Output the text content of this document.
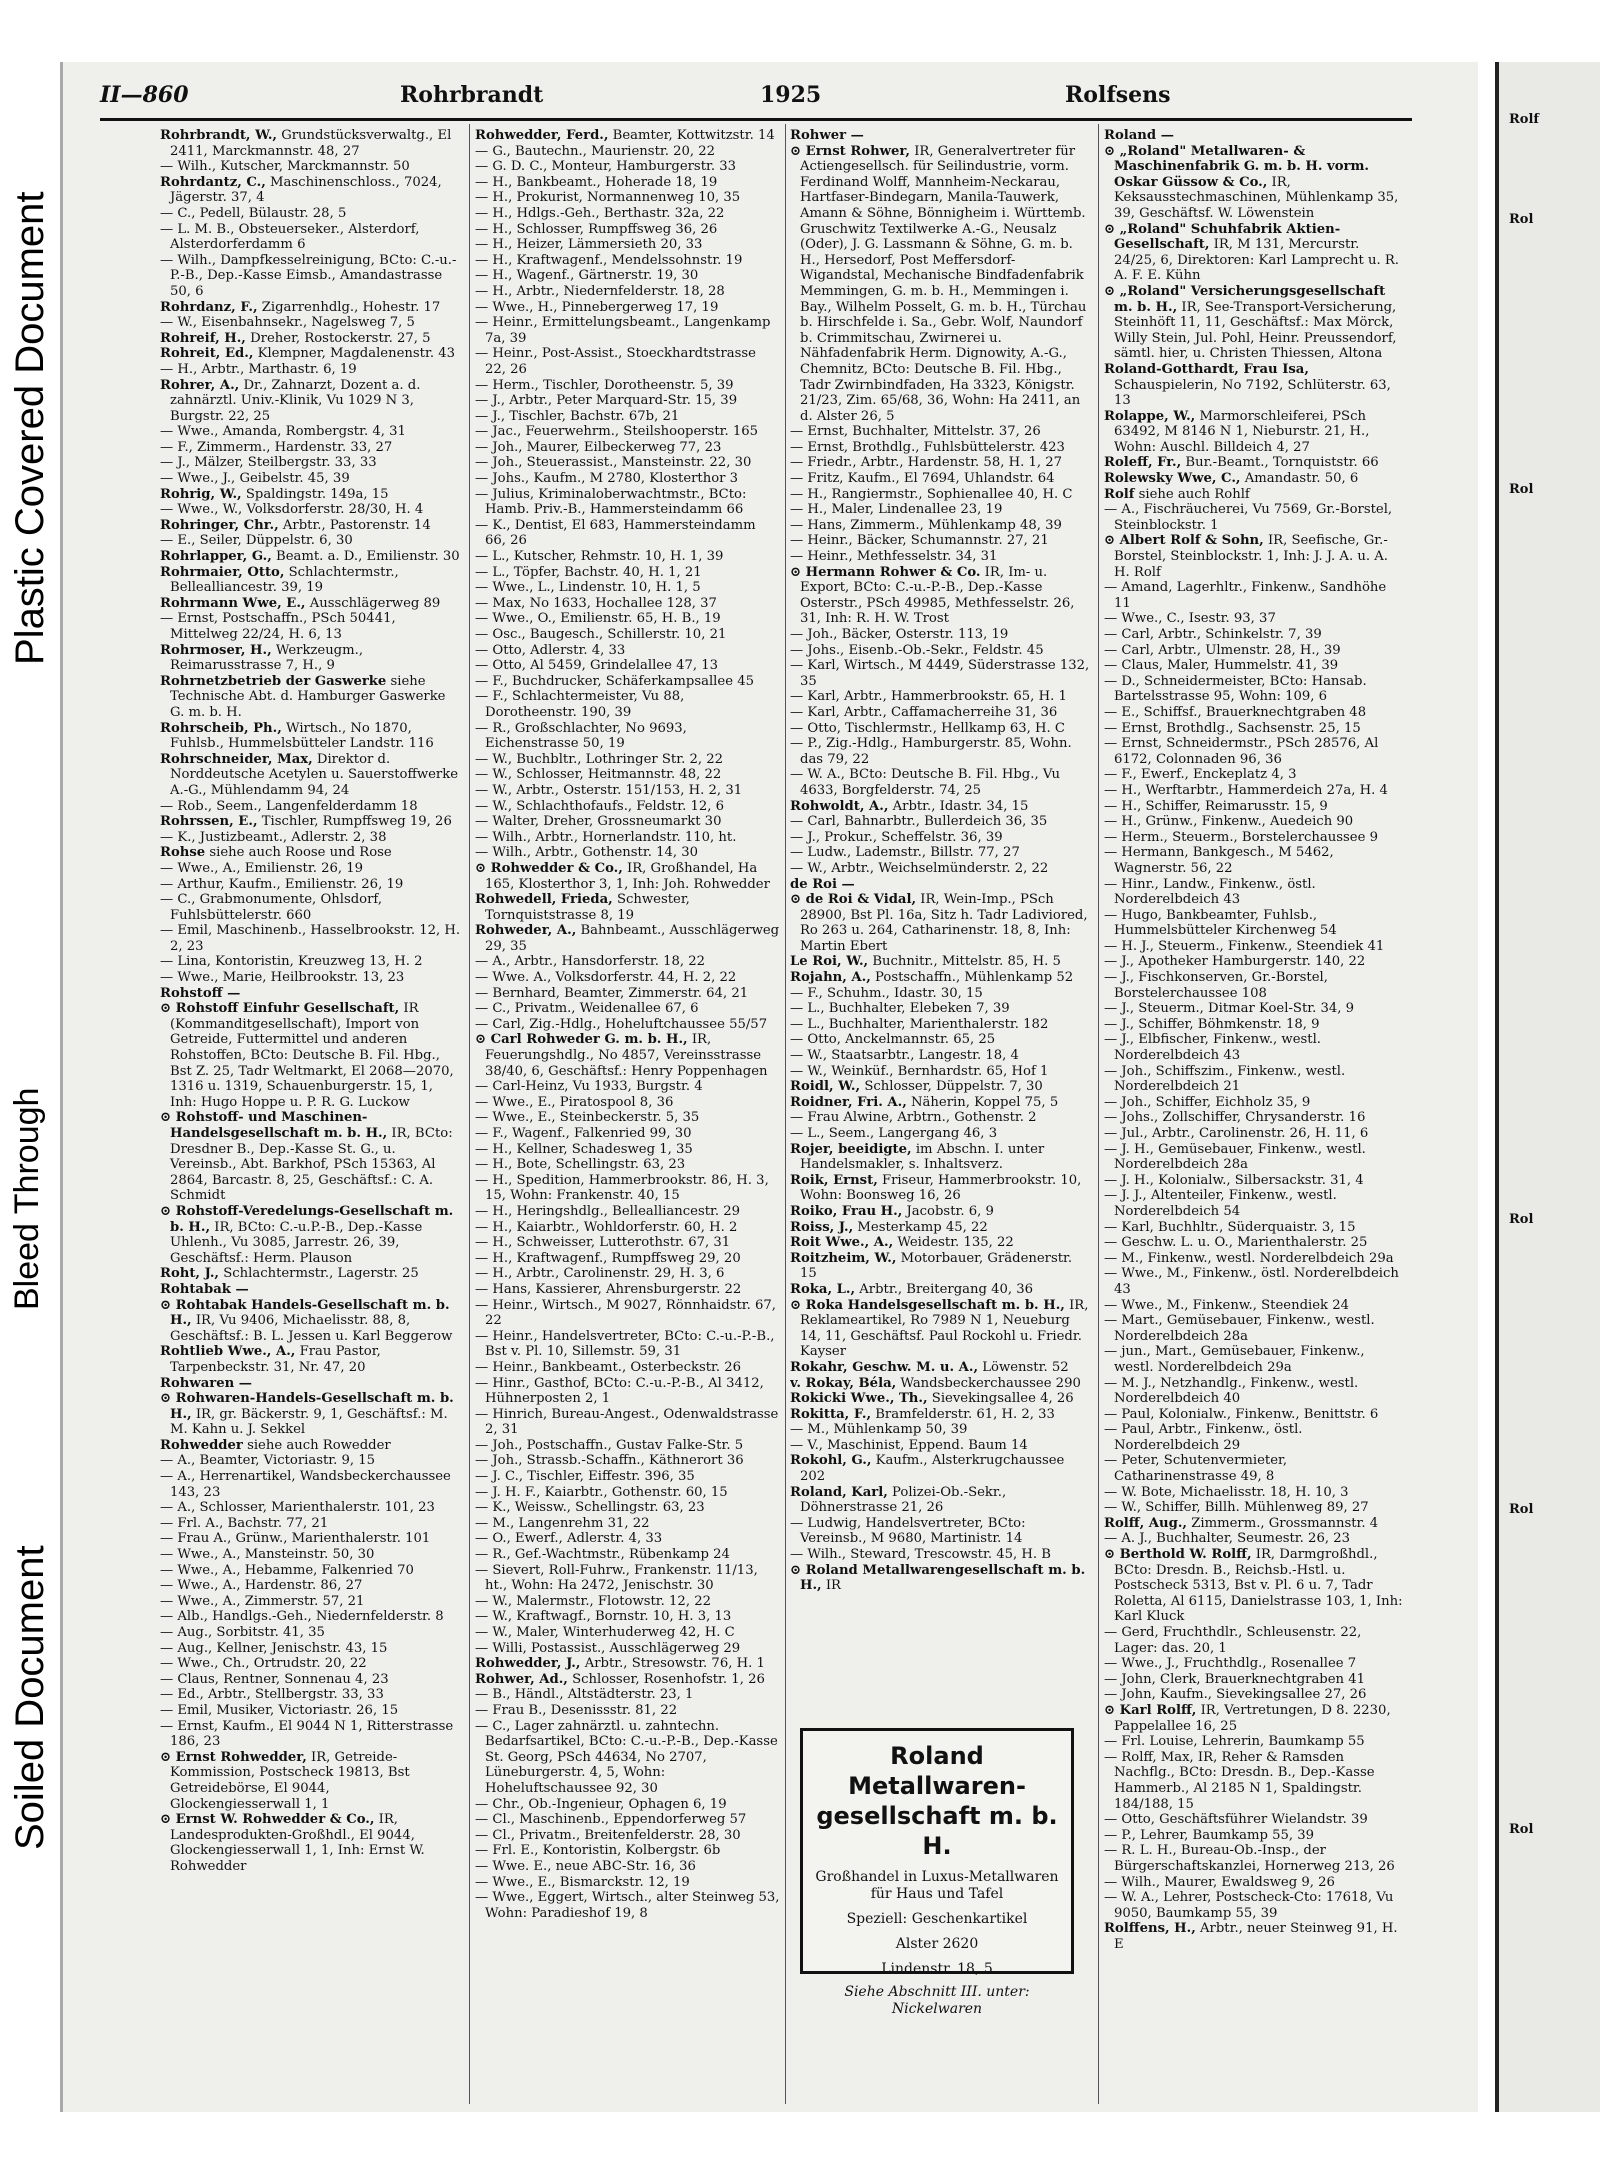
Plastic Covered Document
Bleed Through
Soiled Document
Rolf
Rol
Rol
Rol
Rol
Rol
II—860	Rohrbrandt	1925	Rolfsens

Rohrbrandt, W., Grundstücksverwaltg., El 2411, Marckmannstr. 48, 27

— Wilh., Kutscher, Marckmannstr. 50

Rohrdantz, C., Maschinenschloss., 7024, Jägerstr. 37, 4

— C., Pedell, Bülaustr. 28, 5

— L. M. B., Obsteuerseker., Alsterdorf, Alsterdorferdamm 6

— Wilh., Dampfkesselreinigung, BCto: C.-u.-P.-B., Dep.-Kasse Eimsb., Amandastrasse 50, 6

Rohrdanz, F., Zigarrenhdlg., Hohestr. 17

— W., Eisenbahnsekr., Nagelsweg 7, 5

Rohreif, H., Dreher, Rostockerstr. 27, 5

Rohreit, Ed., Klempner, Magdalenenstr. 43

— H., Arbtr., Marthastr. 6, 19

Rohrer, A., Dr., Zahnarzt, Dozent a. d. zahnärztl. Univ.-Klinik, Vu 1029 N 3, Burgstr. 22, 25

— Wwe., Amanda, Rombergstr. 4, 31

— F., Zimmerm., Hardenstr. 33, 27

— J., Mälzer, Steilbergstr. 33, 33

— Wwe., J., Geibelstr. 45, 39

Rohrig, W., Spaldingstr. 149a, 15

— Wwe., W., Volksdorferstr. 28/30, H. 4

Rohringer, Chr., Arbtr., Pastorenstr. 14

— E., Seiler, Düppelstr. 6, 30

Rohrlapper, G., Beamt. a. D., Emilienstr. 30

Rohrmaier, Otto, Schlachtermstr., Bellealliancestr. 39, 19

Rohrmann Wwe, E., Ausschlägerweg 89

— Ernst, Postschaffn., PSch 50441, Mittelweg 22/24, H. 6, 13

Rohrmoser, H., Werkzeugm., Reimarusstrasse 7, H., 9

Rohrnetzbetrieb der Gaswerke siehe Technische Abt. d. Hamburger Gaswerke G. m. b. H.

Rohrscheib, Ph., Wirtsch., No 1870, Fuhlsb., Hummelsbütteler Landstr. 116

Rohrschneider, Max, Direktor d. Norddeutsche Acetylen u. Sauerstoffwerke A.-G., Mühlendamm 94, 24

— Rob., Seem., Langenfelderdamm 18

Rohrssen, E., Tischler, Rumpffsweg 19, 26

— K., Justizbeamt., Adlerstr. 2, 38

Rohse siehe auch Roose und Rose

— Wwe., A., Emilienstr. 26, 19

— Arthur, Kaufm., Emilienstr. 26, 19

— C., Grabmonumente, Ohlsdorf, Fuhlsbüttelerstr. 660

— Emil, Maschinenb., Hasselbrookstr. 12, H. 2, 23

— Lina, Kontoristin, Kreuzweg 13, H. 2

— Wwe., Marie, Heilbrookstr. 13, 23

Rohstoff —

⊙ Rohstoff Einfuhr Gesellschaft, IR (Kommanditgesellschaft), Import von Getreide, Futtermittel und anderen Rohstoffen, BCto: Deutsche B. Fil. Hbg., Bst Z. 25, Tadr Weltmarkt, El 2068—2070, 1316 u. 1319, Schauenburgerstr. 15, 1, Inh: Hugo Hoppe u. P. R. G. Luckow

⊙ Rohstoff- und Maschinen-Handelsgesellschaft m. b. H., IR, BCto: Dresdner B., Dep.-Kasse St. G., u. Vereinsb., Abt. Barkhof, PSch 15363, Al 2864, Barcastr. 8, 25, Geschäftsf.: C. A. Schmidt

⊙ Rohstoff-Veredelungs-Gesellschaft m. b. H., IR, BCto: C.-u.P.-B., Dep.-Kasse Uhlenh., Vu 3085, Jarrestr. 26, 39, Geschäftsf.: Herm. Plauson

Roht, J., Schlachtermstr., Lagerstr. 25

Rohtabak —

⊙ Rohtabak Handels-Gesellschaft m. b. H., IR, Vu 9406, Michaelisstr. 88, 8, Geschäftsf.: B. L. Jessen u. Karl Beggerow

Rohtlieb Wwe., A., Frau Pastor, Tarpenbeckstr. 31, Nr. 47, 20

Rohwaren —

⊙ Rohwaren-Handels-Gesellschaft m. b. H., IR, gr. Bäckerstr. 9, 1, Geschäftsf.: M. M. Kahn u. J. Sekkel

Rohwedder siehe auch Rowedder

— A., Beamter, Victoriastr. 9, 15

— A., Herrenartikel, Wandsbeckerchaussee 143, 23

— A., Schlosser, Marienthalerstr. 101, 23

— Frl. A., Bachstr. 77, 21

— Frau A., Grünw., Marienthalerstr. 101

— Wwe., A., Mansteinstr. 50, 30

— Wwe., A., Hebamme, Falkenried 70

— Wwe., A., Hardenstr. 86, 27

— Wwe., A., Zimmerstr. 57, 21

— Alb., Handlgs.-Geh., Niedernfelderstr. 8

— Aug., Sorbitstr. 41, 35

— Aug., Kellner, Jenischstr. 43, 15

— Wwe., Ch., Ortrudstr. 20, 22

— Claus, Rentner, Sonnenau 4, 23

— Ed., Arbtr., Stellbergstr. 33, 33

— Emil, Musiker, Victoriastr. 26, 15

— Ernst, Kaufm., El 9044 N 1, Ritterstrasse 186, 23

⊙ Ernst Rohwedder, IR, Getreide-Kommission, Postscheck 19813, Bst Getreidebörse, El 9044, Glockengiesserwall 1, 1

⊙ Ernst W. Rohwedder & Co., IR, Landesprodukten-Großhdl., El 9044, Glockengiesserwall 1, 1, Inh: Ernst W. Rohwedder

Rohwedder, Ferd., Beamter, Kottwitzstr. 14

— G., Bautechn., Maurienstr. 20, 22

— G. D. C., Monteur, Hamburgerstr. 33

— H., Bankbeamt., Hoherade 18, 19

— H., Prokurist, Normannenweg 10, 35

— H., Hdlgs.-Geh., Berthastr. 32a, 22

— H., Schlosser, Rumpffsweg 36, 26

— H., Heizer, Lämmersieth 20, 33

— H., Kraftwagenf., Mendelssohnstr. 19

— H., Wagenf., Gärtnerstr. 19, 30

— H., Arbtr., Niedernfelderstr. 18, 28

— Wwe., H., Pinnebergerweg 17, 19

— Heinr., Ermittelungsbeamt., Langenkamp 7a, 39

— Heinr., Post-Assist., Stoeckhardtstrasse 22, 26

— Herm., Tischler, Dorotheenstr. 5, 39

— J., Arbtr., Peter Marquard-Str. 15, 39

— J., Tischler, Bachstr. 67b, 21

— Jac., Feuerwehrm., Steilshooperstr. 165

— Joh., Maurer, Eilbeckerweg 77, 23

— Joh., Steuerassist., Mansteinstr. 22, 30

— Johs., Kaufm., M 2780, Klosterthor 3

— Julius, Kriminaloberwachtmstr., BCto: Hamb. Priv.-B., Hammersteindamm 66

— K., Dentist, El 683, Hammersteindamm 66, 26

— L., Kutscher, Rehmstr. 10, H. 1, 39

— L., Töpfer, Bachstr. 40, H. 1, 21

— Wwe., L., Lindenstr. 10, H. 1, 5

— Max, No 1633, Hochallee 128, 37

— Wwe., O., Emilienstr. 65, H. B., 19

— Osc., Baugesch., Schillerstr. 10, 21

— Otto, Adlerstr. 4, 33

— Otto, Al 5459, Grindelallee 47, 13

— F., Buchdrucker, Schäferkampsallee 45

— F., Schlachtermeister, Vu 88, Dorotheenstr. 190, 39

— R., Großschlachter, No 9693, Eichenstrasse 50, 19

— W., Buchbltr., Lothringer Str. 2, 22

— W., Schlosser, Heitmannstr. 48, 22

— W., Arbtr., Osterstr. 151/153, H. 2, 31

— W., Schlachthofaufs., Feldstr. 12, 6

— Walter, Dreher, Grossneumarkt 30

— Wilh., Arbtr., Hornerlandstr. 110, ht.

— Wilh., Arbtr., Gothenstr. 14, 30

⊙ Rohwedder & Co., IR, Großhandel, Ha 165, Klosterthor 3, 1, Inh: Joh. Rohwedder

Rohwedell, Frieda, Schwester, Tornquiststrasse 8, 19

Rohweder, A., Bahnbeamt., Ausschlägerweg 29, 35

— A., Arbtr., Hansdorferstr. 18, 22

— Wwe. A., Volksdorferstr. 44, H. 2, 22

— Bernhard, Beamter, Zimmerstr. 64, 21

— C., Privatm., Weidenallee 67, 6

— Carl, Zig.-Hdlg., Hoheluftchaussee 55/57

⊙ Carl Rohweder G. m. b. H., IR, Feuerungshdlg., No 4857, Vereinsstrasse 38/40, 6, Geschäftsf.: Henry Poppenhagen

— Carl-Heinz, Vu 1933, Burgstr. 4

— Wwe., E., Piratospool 8, 36

— Wwe., E., Steinbeckerstr. 5, 35

— F., Wagenf., Falkenried 99, 30

— H., Kellner, Schadesweg 1, 35

— H., Bote, Schellingstr. 63, 23

— H., Spedition, Hammerbrookstr. 86, H. 3, 15, Wohn: Frankenstr. 40, 15

— H., Heringshdlg., Bellealliancestr. 29

— H., Kaiarbtr., Wohldorferstr. 60, H. 2

— H., Schweisser, Lutterothstr. 67, 31

— H., Kraftwagenf., Rumpffsweg 29, 20

— H., Arbtr., Carolinenstr. 29, H. 3, 6

— Hans, Kassierer, Ahrensburgerstr. 22

— Heinr., Wirtsch., M 9027, Rönnhaidstr. 67, 22

— Heinr., Handelsvertreter, BCto: C.-u.-P.-B., Bst v. Pl. 10, Sillemstr. 59, 31

— Heinr., Bankbeamt., Osterbeckstr. 26

— Hinr., Gasthof, BCto: C.-u.-P.-B., Al 3412, Hühnerposten 2, 1

— Hinrich, Bureau-Angest., Odenwaldstrasse 2, 31

— Joh., Postschaffn., Gustav Falke-Str. 5

— Joh., Strassb.-Schaffn., Käthnerort 36

— J. C., Tischler, Eiffestr. 396, 35

— J. H. F., Kaiarbtr., Gothenstr. 60, 15

— K., Weissw., Schellingstr. 63, 23

— M., Langenrehm 31, 22

— O., Ewerf., Adlerstr. 4, 33

— R., Gef.-Wachtmstr., Rübenkamp 24

— Sievert, Roll-Fuhrw., Frankenstr. 11/13, ht., Wohn: Ha 2472, Jenischstr. 30

— W., Malermstr., Flotowstr. 12, 22

— W., Kraftwagf., Bornstr. 10, H. 3, 13

— W., Maler, Winterhuderweg 42, H. C

— Willi, Postassist., Ausschlägerweg 29

Rohwedder, J., Arbtr., Stresowstr. 76, H. 1

Rohwer, Ad., Schlosser, Rosenhofstr. 1, 26

— B., Händl., Altstädterstr. 23, 1

— Frau B., Desenissstr. 81, 22

— C., Lager zahnärztl. u. zahntechn. Bedarfsartikel, BCto: C.-u.-P.-B., Dep.-Kasse St. Georg, PSch 44634, No 2707, Lüneburgerstr. 4, 5, Wohn: Hoheluftschaussee 92, 30

— Chr., Ob.-Ingenieur, Ophagen 6, 19

— Cl., Maschinenb., Eppendorferweg 57

— Cl., Privatm., Breitenfelderstr. 28, 30

— Frl. E., Kontoristin, Kolbergstr. 6b

— Wwe. E., neue ABC-Str. 16, 36

— Wwe., E., Bismarckstr. 12, 19

— Wwe., Eggert, Wirtsch., alter Steinweg 53, Wohn: Paradieshof 19, 8

Rohwer —

⊙ Ernst Rohwer, IR, Generalvertreter für Actiengesellsch. für Seilindustrie, vorm. Ferdinand Wolff, Mannheim-Neckarau, Hartfaser-Bindegarn, Manila-Tauwerk, Amann & Söhne, Bönnigheim i. Württemb. Gruschwitz Textilwerke A.-G., Neusalz (Oder), J. G. Lassmann & Söhne, G. m. b. H., Hersedorf, Post Meffersdorf-Wigandstal, Mechanische Bindfadenfabrik Memmingen, G. m. b. H., Memmingen i. Bay., Wilhelm Posselt, G. m. b. H., Türchau b. Hirschfelde i. Sa., Gebr. Wolf, Naundorf b. Crimmitschau, Zwirnerei u. Nähfadenfabrik Herm. Dignowity, A.-G., Chemnitz, BCto: Deutsche B. Fil. Hbg., Tadr Zwirnbindfaden, Ha 3323, Königstr. 21/23, Zim. 65/68, 36, Wohn: Ha 2411, an d. Alster 26, 5

— Ernst, Buchhalter, Mittelstr. 37, 26

— Ernst, Brothdlg., Fuhlsbüttelerstr. 423

— Friedr., Arbtr., Hardenstr. 58, H. 1, 27

— Fritz, Kaufm., El 7694, Uhlandstr. 64

— H., Rangiermstr., Sophienallee 40, H. C

— H., Maler, Lindenallee 23, 19

— Hans, Zimmerm., Mühlenkamp 48, 39

— Heinr., Bäcker, Schumannstr. 27, 21

— Heinr., Methfesselstr. 34, 31

⊙ Hermann Rohwer & Co. IR, Im- u. Export, BCto: C.-u.-P.-B., Dep.-Kasse Osterstr., PSch 49985, Methfesselstr. 26, 31, Inh: R. H. W. Trost

— Joh., Bäcker, Osterstr. 113, 19

— Johs., Eisenb.-Ob.-Sekr., Feldstr. 45

— Karl, Wirtsch., M 4449, Süderstrasse 132, 35

— Karl, Arbtr., Hammerbrookstr. 65, H. 1

— Karl, Arbtr., Caffamacherreihe 31, 36

— Otto, Tischlermstr., Hellkamp 63, H. C

— P., Zig.-Hdlg., Hamburgerstr. 85, Wohn. das 79, 22

— W. A., BCto: Deutsche B. Fil. Hbg., Vu 4633, Borgfelderstr. 74, 25

Rohwoldt, A., Arbtr., Idastr. 34, 15

— Carl, Bahnarbtr., Bullerdeich 36, 35

— J., Prokur., Scheffelstr. 36, 39

— Ludw., Lademstr., Billstr. 77, 27

— W., Arbtr., Weichselmünderstr. 2, 22

de Roi —

⊙ de Roi & Vidal, IR, Wein-Imp., PSch 28900, Bst Pl. 16a, Sitz h. Tadr Ladiviored, Ro 263 u. 264, Catharinenstr. 18, 8, Inh: Martin Ebert

Le Roi, W., Buchnitr., Mittelstr. 85, H. 5

Rojahn, A., Postschaffn., Mühlenkamp 52

— F., Schuhm., Idastr. 30, 15

— L., Buchhalter, Elebeken 7, 39

— L., Buchhalter, Marienthalerstr. 182

— Otto, Anckelmannstr. 65, 25

— W., Staatsarbtr., Langestr. 18, 4

— W., Weinküf., Bernhardstr. 65, Hof 1

Roidl, W., Schlosser, Düppelstr. 7, 30

Roidner, Fri. A., Näherin, Koppel 75, 5

— Frau Alwine, Arbtrn., Gothenstr. 2

— L., Seem., Langergang 46, 3

Rojer, beeidigte, im Abschn. I. unter Handelsmakler, s. Inhaltsverz.

Roik, Ernst, Friseur, Hammerbrookstr. 10, Wohn: Boonsweg 16, 26

Roiko, Frau H., Jacobstr. 6, 9

Roiss, J., Mesterkamp 45, 22

Roit Wwe., A., Weidestr. 135, 22

Roitzheim, W., Motorbauer, Grädenerstr. 15

Roka, L., Arbtr., Breitergang 40, 36

⊙ Roka Handelsgesellschaft m. b. H., IR, Reklameartikel, Ro 7989 N 1, Neueburg 14, 11, Geschäftsf. Paul Rockohl u. Friedr. Kayser

Rokahr, Geschw. M. u. A., Löwenstr. 52

v. Rokay, Béla, Wandsbeckerchaussee 290

Rokicki Wwe., Th., Sievekingsallee 4, 26

Rokitta, F., Bramfelderstr. 61, H. 2, 33

— M., Mühlenkamp 50, 39

— V., Maschinist, Eppend. Baum 14

Rokohl, G., Kaufm., Alsterkrugchaussee 202

Roland, Karl, Polizei-Ob.-Sekr., Döhnerstrasse 21, 26

— Ludwig, Handelsvertreter, BCto: Vereinsb., M 9680, Martinistr. 14

— Wilh., Steward, Trescowstr. 45, H. B

⊙ Roland Metallwarengesellschaft m. b. H., IR

Roland —

⊙ „Roland" Metallwaren- & Maschinenfabrik G. m. b. H. vorm. Oskar Güssow & Co., IR, Keksausstechmaschinen, Mühlenkamp 35, 39, Geschäftsf. W. Löwenstein

⊙ „Roland" Schuhfabrik Aktien-Gesellschaft, IR, M 131, Mercurstr. 24/25, 6, Direktoren: Karl Lamprecht u. R. A. F. E. Kühn

⊙ „Roland" Versicherungsgesellschaft m. b. H., IR, See-Transport-Versicherung, Steinhöft 11, 11, Geschäftsf.: Max Mörck, Willy Stein, Jul. Pohl, Heinr. Preussendorf, sämtl. hier, u. Christen Thiessen, Altona

Roland-Gotthardt, Frau Isa, Schauspielerin, No 7192, Schlüterstr. 63, 13

Rolappe, W., Marmorschleiferei, PSch 63492, M 8146 N 1, Nieburstr. 21, H., Wohn: Auschl. Billdeich 4, 27

Roleff, Fr., Bur.-Beamt., Tornquiststr. 66

Rolewsky Wwe, C., Amandastr. 50, 6

Rolf siehe auch Rohlf

— A., Fischräucherei, Vu 7569, Gr.-Borstel, Steinblockstr. 1

⊙ Albert Rolf & Sohn, IR, Seefische, Gr.-Borstel, Steinblockstr. 1, Inh: J. J. A. u. A. H. Rolf

— Amand, Lagerhltr., Finkenw., Sandhöhe 11

— Wwe., C., Isestr. 93, 37

— Carl, Arbtr., Schinkelstr. 7, 39

— Carl, Arbtr., Ulmenstr. 28, H., 39

— Claus, Maler, Hummelstr. 41, 39

— D., Schneidermeister, BCto: Hansab. Bartelsstrasse 95, Wohn: 109, 6

— E., Schiffsf., Brauerknechtgraben 48

— Ernst, Brothdlg., Sachsenstr. 25, 15

— Ernst, Schneidermstr., PSch 28576, Al 6172, Colonnaden 96, 36

— F., Ewerf., Enckeplatz 4, 3

— H., Werftarbtr., Hammerdeich 27a, H. 4

— H., Schiffer, Reimarusstr. 15, 9

— H., Grünw., Finkenw., Auedeich 90

— Herm., Steuerm., Borstelerchaussee 9

— Hermann, Bankgesch., M 5462, Wagnerstr. 56, 22

— Hinr., Landw., Finkenw., östl. Norderelbdeich 43

— Hugo, Bankbeamter, Fuhlsb., Hummelsbütteler Kirchenweg 54

— H. J., Steuerm., Finkenw., Steendiek 41

— J., Apotheker Hamburgerstr. 140, 22

— J., Fischkonserven, Gr.-Borstel, Borstelerchaussee 108

— J., Steuerm., Ditmar Koel-Str. 34, 9

— J., Schiffer, Böhmkenstr. 18, 9

— J., Elbfischer, Finkenw., westl. Norderelbdeich 43

— Joh., Schiffszim., Finkenw., westl. Norderelbdeich 21

— Joh., Schiffer, Eichholz 35, 9

— Johs., Zollschiffer, Chrysanderstr. 16

— Jul., Arbtr., Carolinenstr. 26, H. 11, 6

— J. H., Gemüsebauer, Finkenw., westl. Norderelbdeich 28a

— J. H., Kolonialw., Silbersackstr. 31, 4

— J. J., Altenteiler, Finkenw., westl. Norderelbdeich 54

— Karl, Buchhltr., Süderquaistr. 3, 15

— Geschw. L. u. O., Marienthalerstr. 25

— M., Finkenw., westl. Norderelbdeich 29a

— Wwe., M., Finkenw., östl. Norderelbdeich 43

— Wwe., M., Finkenw., Steendiek 24

— Mart., Gemüsebauer, Finkenw., westl. Norderelbdeich 28a

— jun., Mart., Gemüsebauer, Finkenw., westl. Norderelbdeich 29a

— M. J., Netzhandlg., Finkenw., westl. Norderelbdeich 40

— Paul, Kolonialw., Finkenw., Benittstr. 6

— Paul, Arbtr., Finkenw., östl. Norderelbdeich 29

— Peter, Schutenvermieter, Catharinenstrasse 49, 8

— W. Bote, Michaelisstr. 18, H. 10, 3

— W., Schiffer, Billh. Mühlenweg 89, 27

Rolff, Aug., Zimmerm., Grossmannstr. 4

— A. J., Buchhalter, Seumestr. 26, 23

⊙ Berthold W. Rolff, IR, Darmgroßhdl., BCto: Dresdn. B., Reichsb.-Hstl. u. Postscheck 5313, Bst v. Pl. 6 u. 7, Tadr Roletta, Al 6115, Danielstrasse 103, 1, Inh: Karl Kluck

— Gerd, Fruchthdlr., Schleusenstr. 22, Lager: das. 20, 1

— Wwe., J., Fruchthdlg., Rosenallee 7

— John, Clerk, Brauerknechtgraben 41

— John, Kaufm., Sievekingsallee 27, 26

⊙ Karl Rolff, IR, Vertretungen, D 8. 2230, Pappelallee 16, 25

— Frl. Louise, Lehrerin, Baumkamp 55

— Rolff, Max, IR, Reher & Ramsden Nachflg., BCto: Dresdn. B., Dep.-Kasse Hammerb., Al 2185 N 1, Spaldingstr. 184/188, 15

— Otto, Geschäftsführer Wielandstr. 39

— P., Lehrer, Baumkamp 55, 39

— R. L. H., Bureau-Ob.-Insp., der Bürgerschaftskanzlei, Hornerweg 213, 26

— Wilh., Maurer, Ewaldsweg 9, 26

— W. A., Lehrer, Postscheck-Cto: 17618, Vu 9050, Baumkamp 55, 39

Rolffens, H., Arbtr., neuer Steinweg 91, H. E

Roland Metallwaren-gesellschaft m. b. H.
Großhandel in Luxus-Metallwaren für Haus und Tafel
Speziell: Geschenkartikel
Alster 2620
Lindenstr. 18, 5
Siehe Abschnitt III. unter: Nickelwaren
